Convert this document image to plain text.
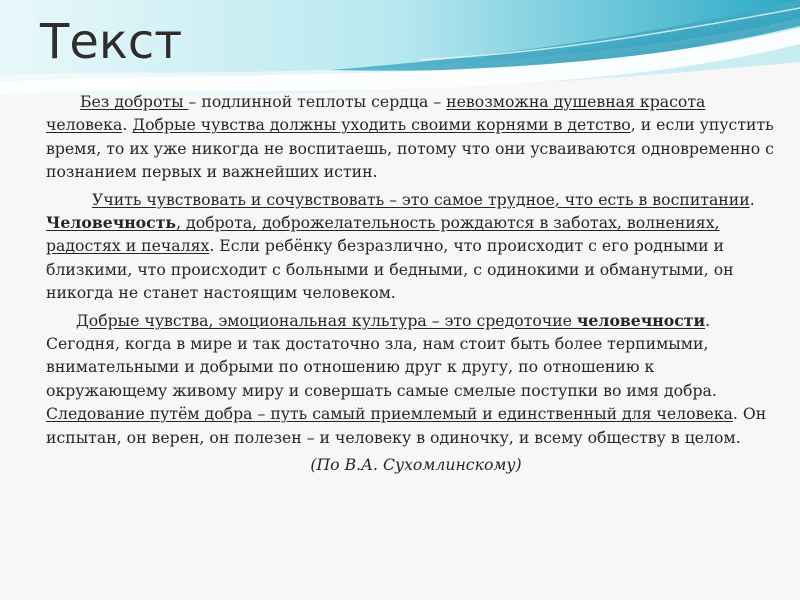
Текст

Без доброты – подлинной теплоты сердца – невозможна душевная красота человека. Добрые чувства должны уходить своими корнями в детство, и если упустить время, то их уже никогда не воспитаешь, потому что они усваиваются одновременно с познанием первых и важнейших истин.

Учить чувствовать и сочувствовать – это самое трудное, что есть в воспитании. Человечность, доброта, доброжелательность рождаются в заботах, волнениях, радостях и печалях. Если ребёнку безразлично, что происходит с его родными и близкими, что происходит с больными и бедными, с одинокими и обманутыми, он никогда не станет настоящим человеком.

Добрые чувства, эмоциональная культура – это средоточие человечности. Сегодня, когда в мире и так достаточно зла, нам стоит быть более терпимыми, внимательными и добрыми по отношению друг к другу, по отношению к окружающему живому миру и совершать самые смелые поступки во имя добра. Следование путём добра – путь самый приемлемый и единственный для человека. Он испытан, он верен, он полезен – и человеку в одиночку, и всему обществу в целом.

(По В.А. Сухомлинскому)
